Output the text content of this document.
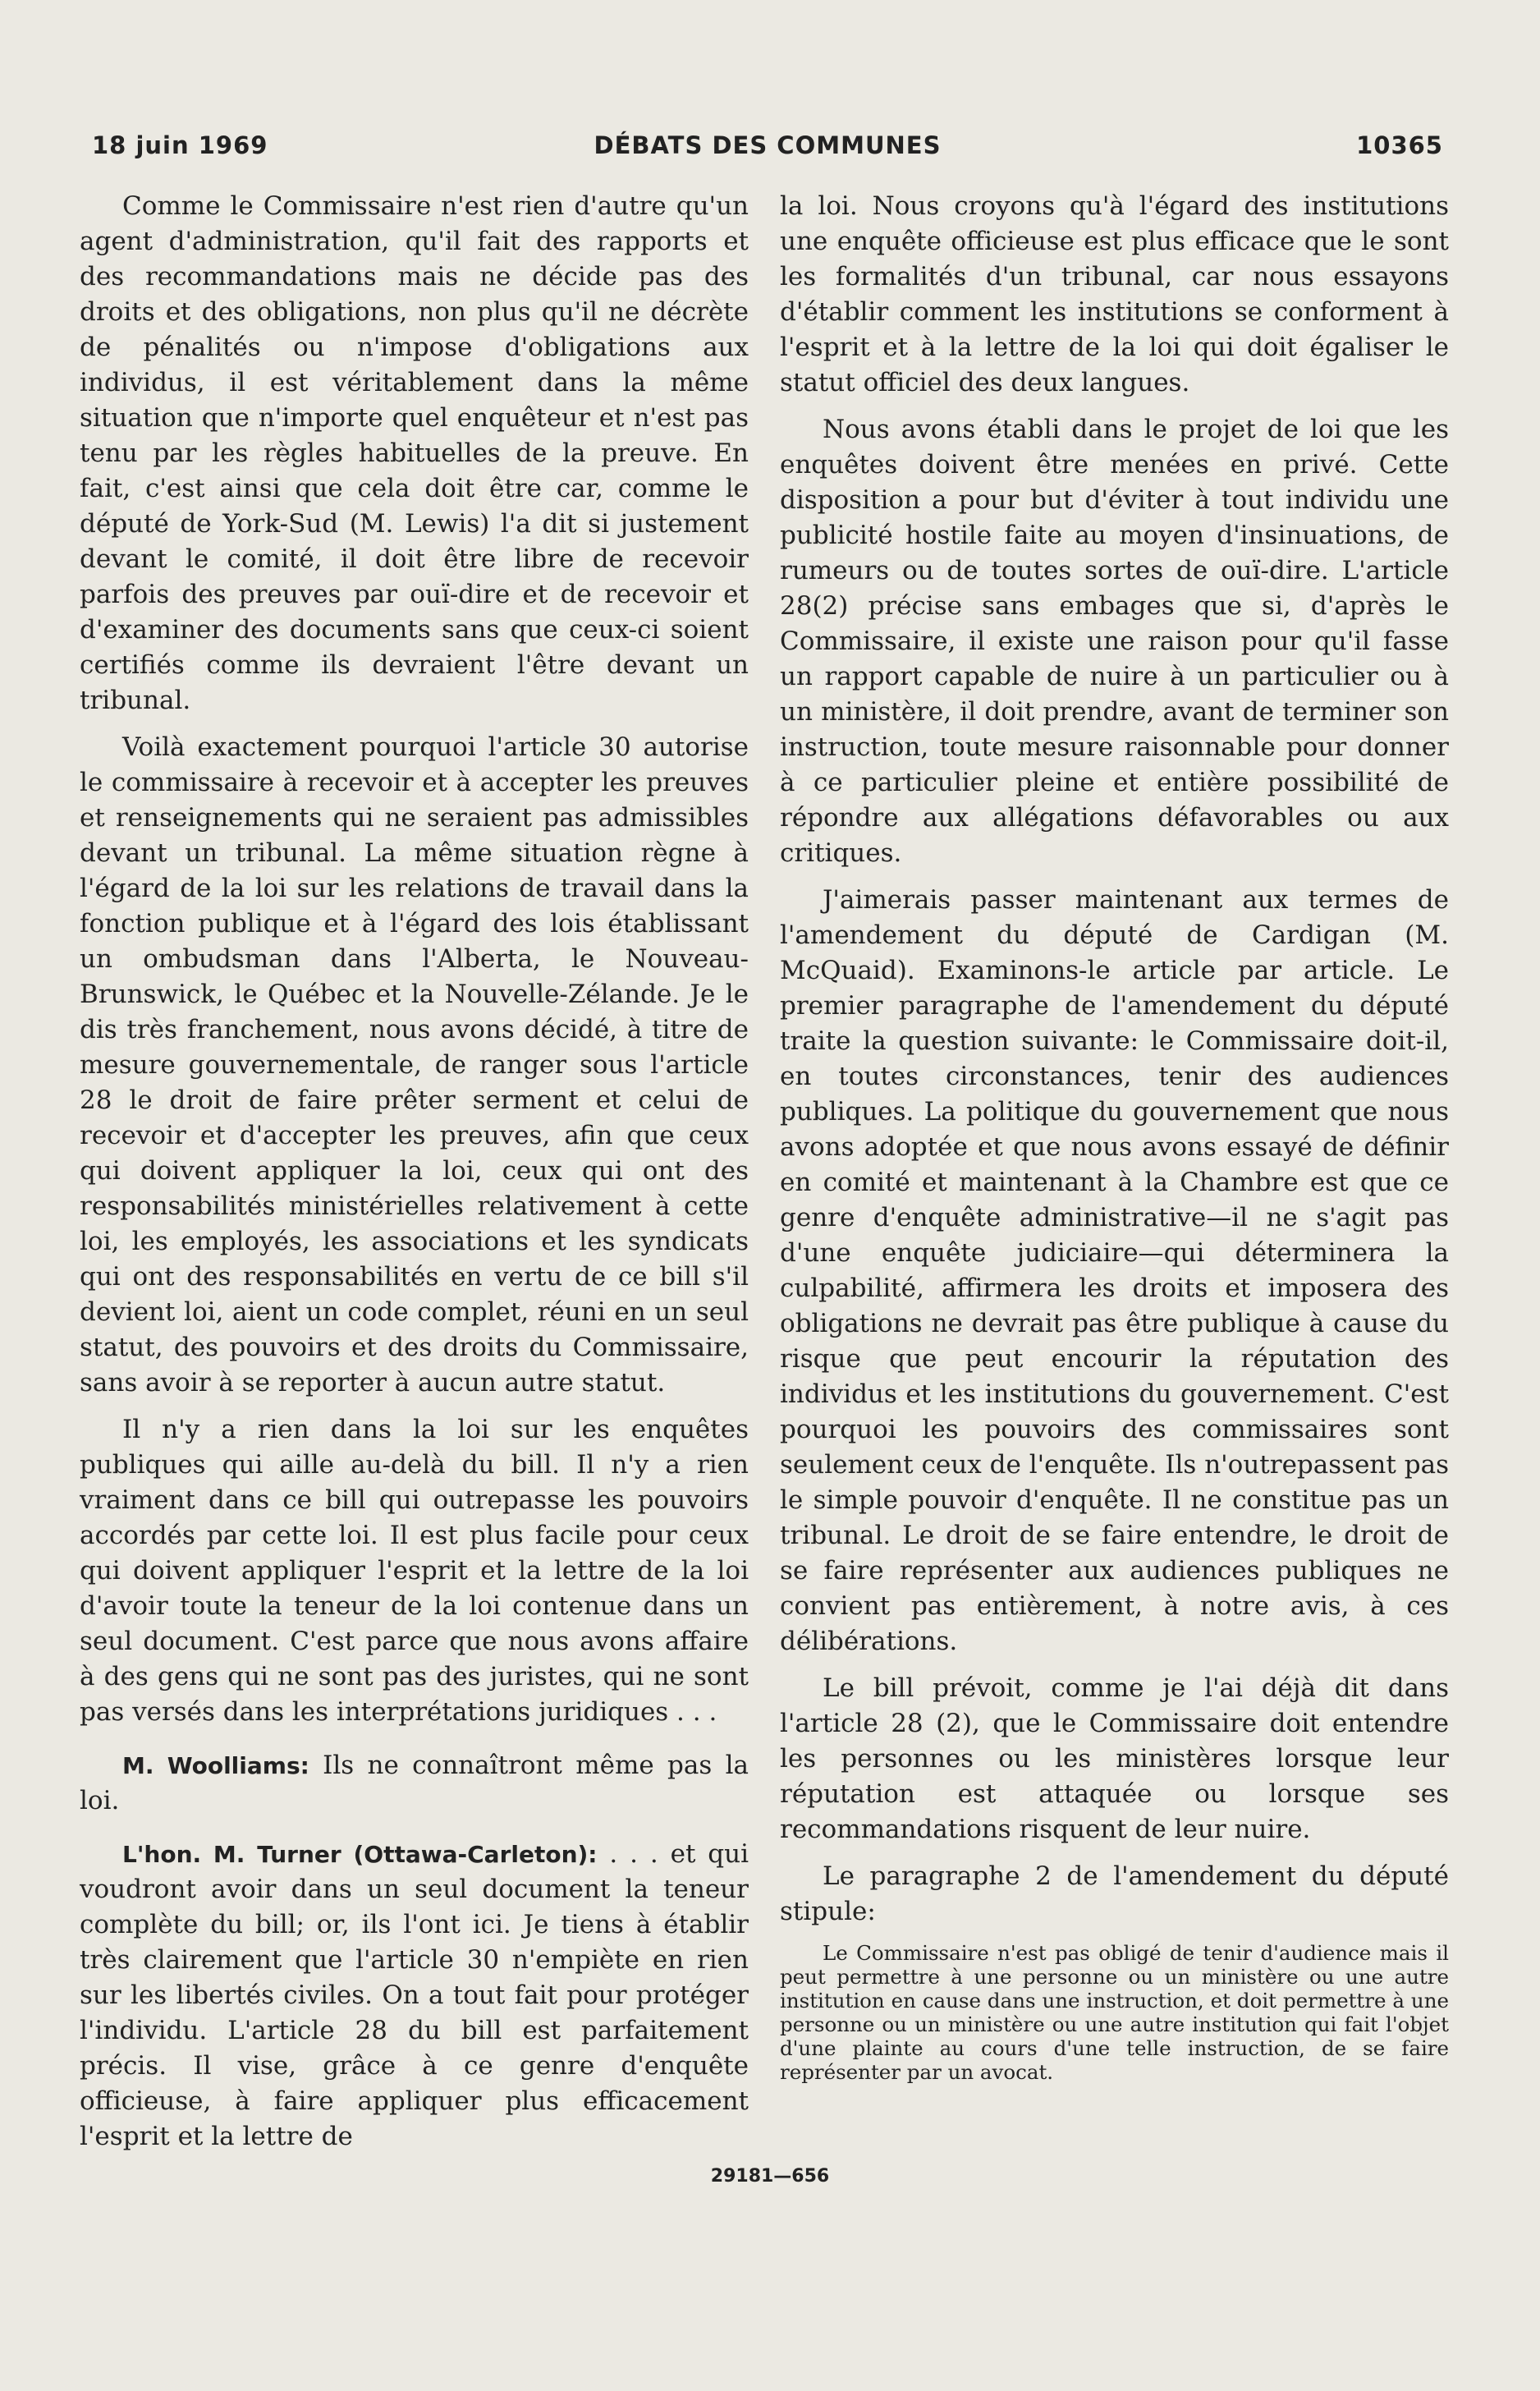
18 juin 1969	DÉBATS DES COMMUNES	10365

Comme le Commissaire n'est rien d'autre qu'un agent d'administration, qu'il fait des rapports et des recommandations mais ne décide pas des droits et des obligations, non plus qu'il ne décrète de pénalités ou n'impose d'obligations aux individus, il est véritablement dans la même situation que n'importe quel enquêteur et n'est pas tenu par les règles habituelles de la preuve. En fait, c'est ainsi que cela doit être car, comme le député de York-Sud (M. Lewis) l'a dit si justement devant le comité, il doit être libre de recevoir parfois des preuves par ouï-dire et de recevoir et d'examiner des documents sans que ceux-ci soient certifiés comme ils devraient l'être devant un tribunal.

Voilà exactement pourquoi l'article 30 autorise le commissaire à recevoir et à accepter les preuves et renseignements qui ne seraient pas admissibles devant un tribunal. La même situation règne à l'égard de la loi sur les relations de travail dans la fonction publique et à l'égard des lois établissant un ombudsman dans l'Alberta, le Nouveau-Brunswick, le Québec et la Nouvelle-Zélande. Je le dis très franchement, nous avons décidé, à titre de mesure gouvernementale, de ranger sous l'article 28 le droit de faire prêter serment et celui de recevoir et d'accepter les preuves, afin que ceux qui doivent appliquer la loi, ceux qui ont des responsabilités ministérielles relativement à cette loi, les employés, les associations et les syndicats qui ont des responsabilités en vertu de ce bill s'il devient loi, aient un code complet, réuni en un seul statut, des pouvoirs et des droits du Commissaire, sans avoir à se reporter à aucun autre statut.

Il n'y a rien dans la loi sur les enquêtes publiques qui aille au-delà du bill. Il n'y a rien vraiment dans ce bill qui outrepasse les pouvoirs accordés par cette loi. Il est plus facile pour ceux qui doivent appliquer l'esprit et la lettre de la loi d'avoir toute la teneur de la loi contenue dans un seul document. C'est parce que nous avons affaire à des gens qui ne sont pas des juristes, qui ne sont pas versés dans les interprétations juridiques . . .

M. Woolliams: Ils ne connaîtront même pas la loi.

L'hon. M. Turner (Ottawa-Carleton): . . . et qui voudront avoir dans un seul document la teneur complète du bill; or, ils l'ont ici. Je tiens à établir très clairement que l'article 30 n'empiète en rien sur les libertés civiles. On a tout fait pour protéger l'individu. L'article 28 du bill est parfaitement précis. Il vise, grâce à ce genre d'enquête officieuse, à faire appliquer plus efficacement l'esprit et la lettre de

la loi. Nous croyons qu'à l'égard des institutions une enquête officieuse est plus efficace que le sont les formalités d'un tribunal, car nous essayons d'établir comment les institutions se conforment à l'esprit et à la lettre de la loi qui doit égaliser le statut officiel des deux langues.

Nous avons établi dans le projet de loi que les enquêtes doivent être menées en privé. Cette disposition a pour but d'éviter à tout individu une publicité hostile faite au moyen d'insinuations, de rumeurs ou de toutes sortes de ouï-dire. L'article 28(2) précise sans embages que si, d'après le Commissaire, il existe une raison pour qu'il fasse un rapport capable de nuire à un particulier ou à un ministère, il doit prendre, avant de terminer son instruction, toute mesure raisonnable pour donner à ce particulier pleine et entière possibilité de répondre aux allégations défavorables ou aux critiques.

J'aimerais passer maintenant aux termes de l'amendement du député de Cardigan (M. McQuaid). Examinons-le article par article. Le premier paragraphe de l'amendement du député traite la question suivante: le Commissaire doit-il, en toutes circonstances, tenir des audiences publiques. La politique du gouvernement que nous avons adoptée et que nous avons essayé de définir en comité et maintenant à la Chambre est que ce genre d'enquête administrative—il ne s'agit pas d'une enquête judiciaire—qui déterminera la culpabilité, affirmera les droits et imposera des obligations ne devrait pas être publique à cause du risque que peut encourir la réputation des individus et les institutions du gouvernement. C'est pourquoi les pouvoirs des commissaires sont seulement ceux de l'enquête. Ils n'outrepassent pas le simple pouvoir d'enquête. Il ne constitue pas un tribunal. Le droit de se faire entendre, le droit de se faire représenter aux audiences publiques ne convient pas entièrement, à notre avis, à ces délibérations.

Le bill prévoit, comme je l'ai déjà dit dans l'article 28 (2), que le Commissaire doit entendre les personnes ou les ministères lorsque leur réputation est attaquée ou lorsque ses recommandations risquent de leur nuire.

Le paragraphe 2 de l'amendement du député stipule:

Le Commissaire n'est pas obligé de tenir d'audience mais il peut permettre à une personne ou un ministère ou une autre institution en cause dans une instruction, et doit permettre à une personne ou un ministère ou une autre institution qui fait l'objet d'une plainte au cours d'une telle instruction, de se faire représenter par un avocat.

29181—656
